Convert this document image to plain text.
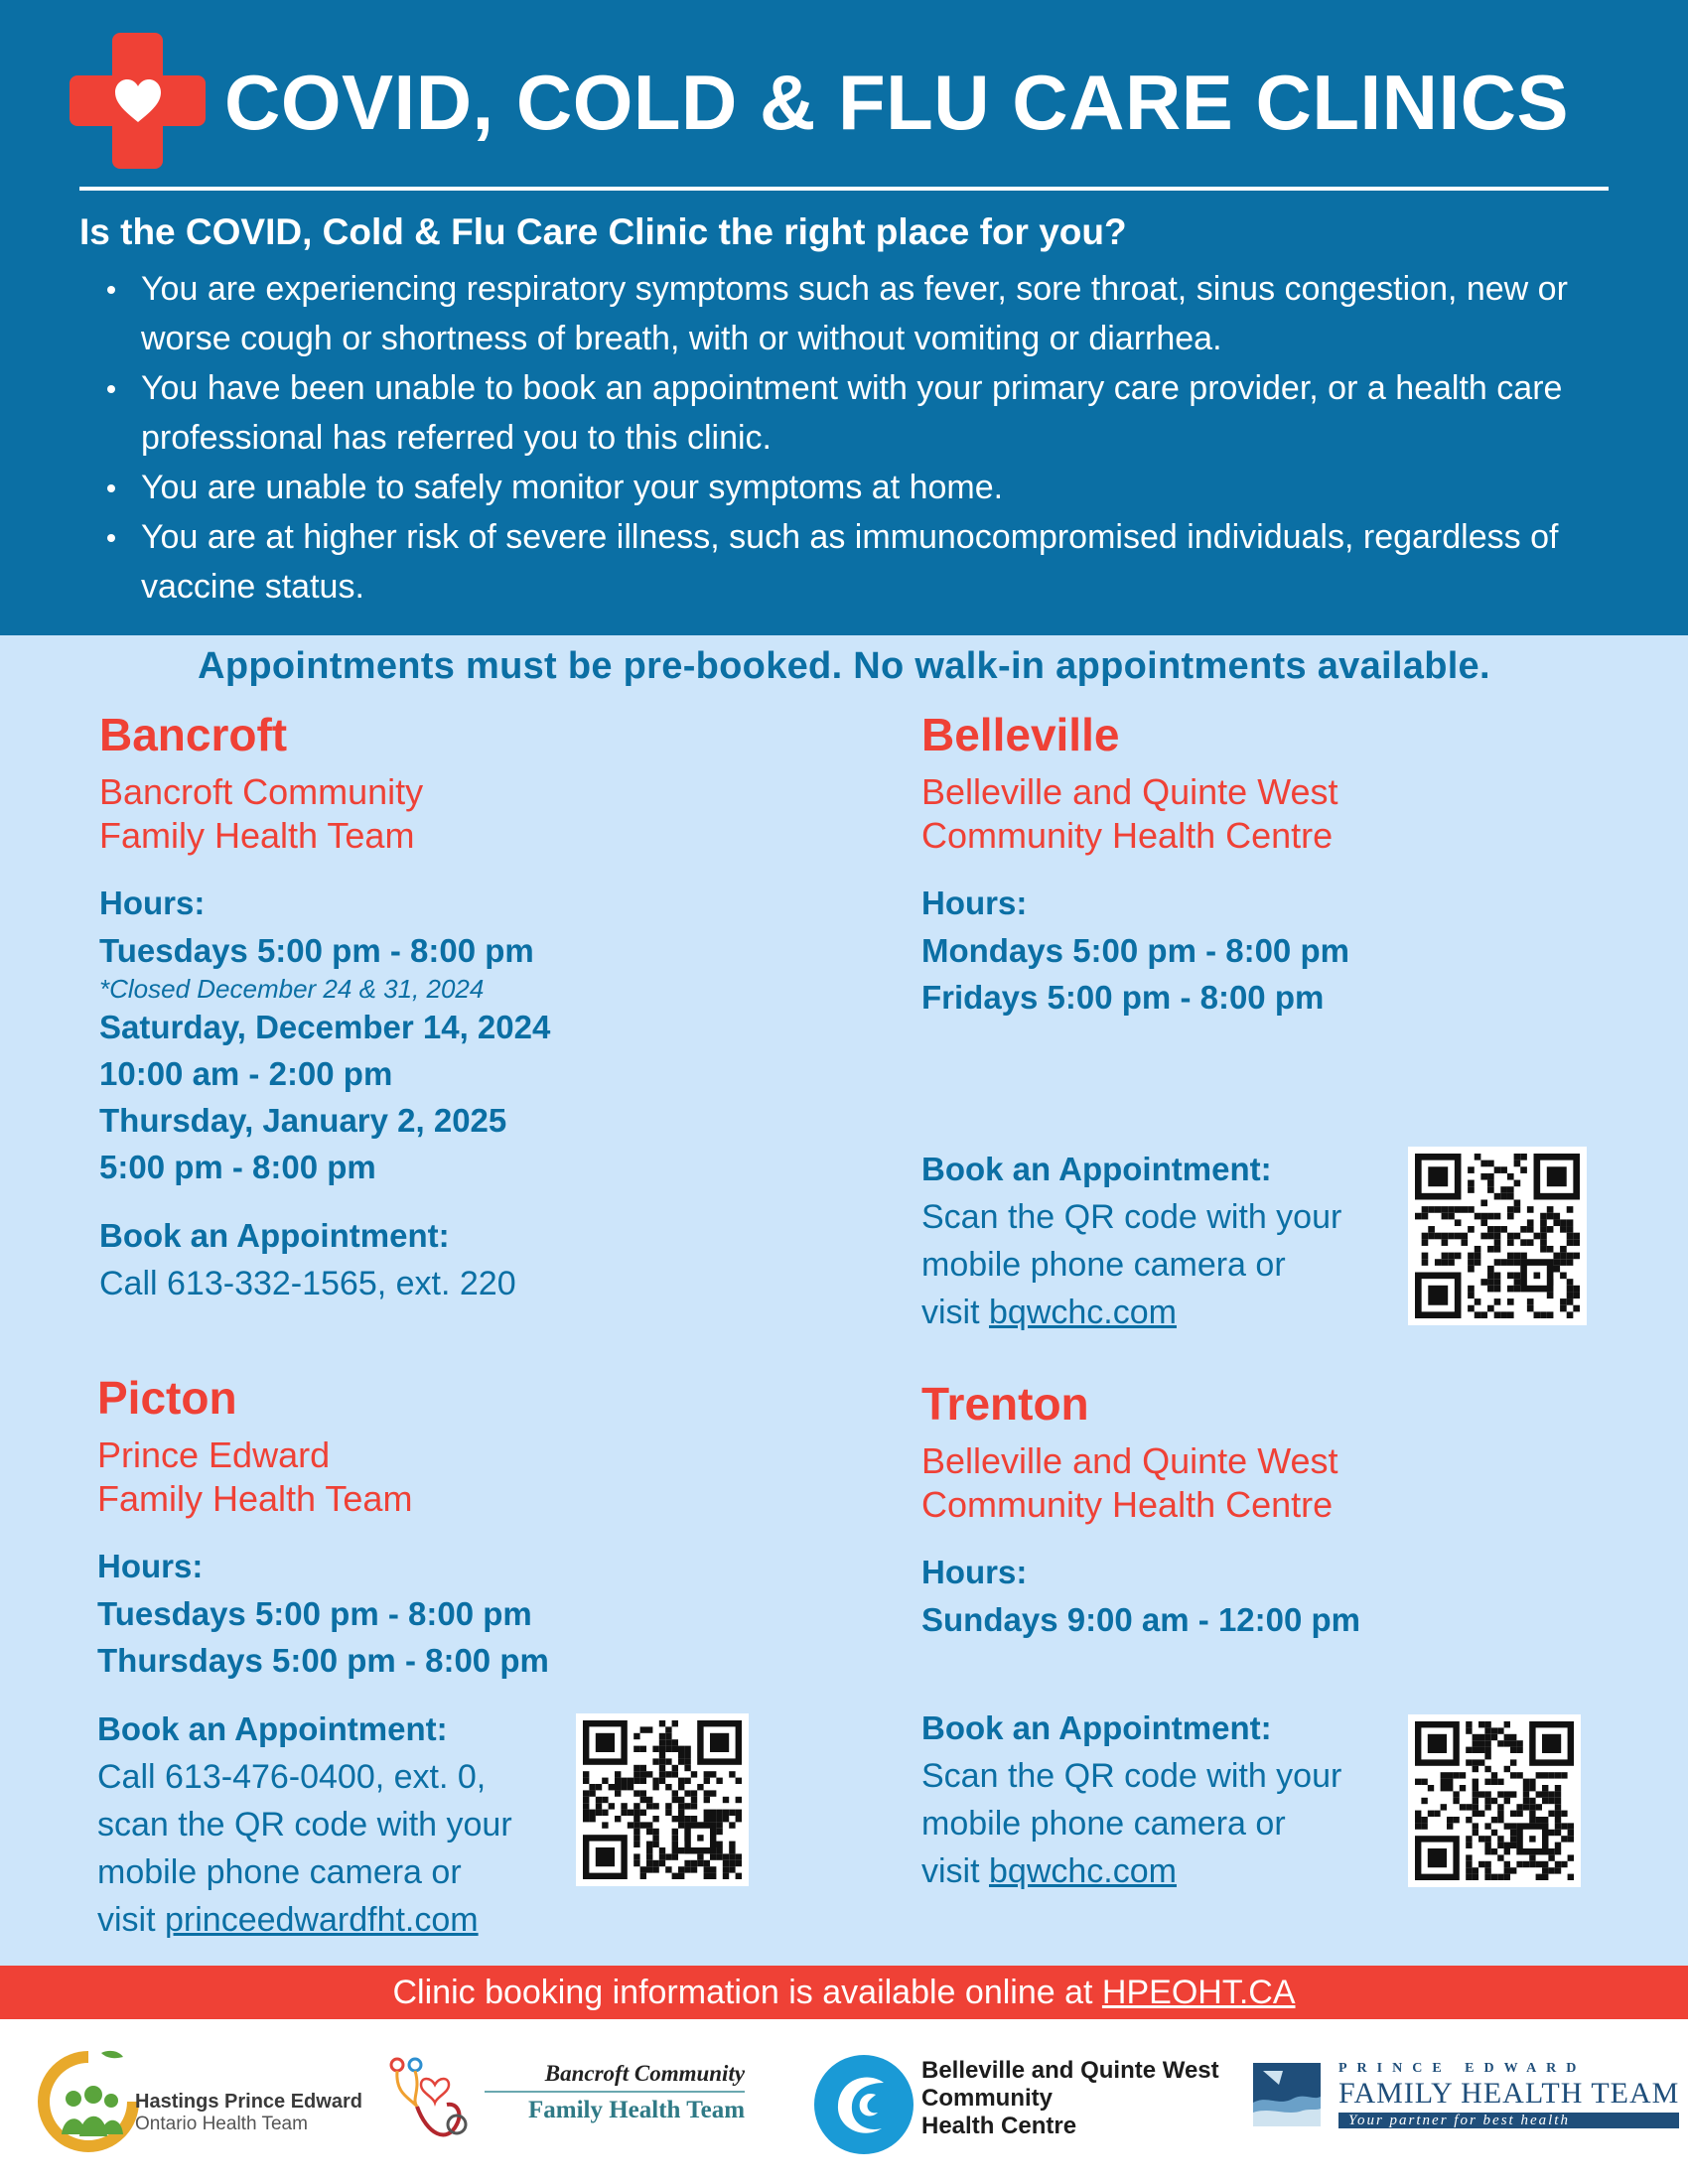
COVID, COLD & FLU CARE CLINICS
Is the COVID, Cold & Flu Care Clinic the right place for you?
You are experiencing respiratory symptoms such as fever, sore throat, sinus congestion, new or worse cough or shortness of breath, with or without vomiting or diarrhea.
You have been unable to book an appointment with your primary care provider, or a health care professional has referred you to this clinic.
You are unable to safely monitor your symptoms at home.
You are at higher risk of severe illness, such as immunocompromised individuals, regardless of vaccine status.
Appointments must be pre-booked. No walk-in appointments available.
Bancroft
Bancroft Community
Family Health Team
Hours:
Tuesdays 5:00 pm - 8:00 pm
*Closed December 24 & 31, 2024
Saturday, December 14, 2024
10:00 am - 2:00 pm
Thursday, January 2, 2025
5:00 pm - 8:00 pm
Book an Appointment:
Call 613-332-1565, ext. 220
Belleville
Belleville and Quinte West
Community Health Centre
Hours:
Mondays 5:00 pm - 8:00 pm
Fridays 5:00 pm - 8:00 pm
Book an Appointment:
Scan the QR code with your
mobile phone camera or
visit bqwchc.com
Picton
Prince Edward
Family Health Team
Hours:
Tuesdays 5:00 pm - 8:00 pm
Thursdays 5:00 pm - 8:00 pm
Book an Appointment:
Call 613-476-0400, ext. 0,
scan the QR code with your
mobile phone camera or
visit princeedwardfht.com
Trenton
Belleville and Quinte West
Community Health Centre
Hours:
Sundays 9:00 am - 12:00 pm
Book an Appointment:
Scan the QR code with your
mobile phone camera or
visit bqwchc.com
Clinic booking information is available online at HPEOHT.CA
Hastings Prince Edward
Ontario Health Team
Bancroft Community
Family Health Team
Belleville and Quinte West
Community
Health Centre
PRINCE EDWARD
FAMILY HEALTH TEAM
Your partner for best health
